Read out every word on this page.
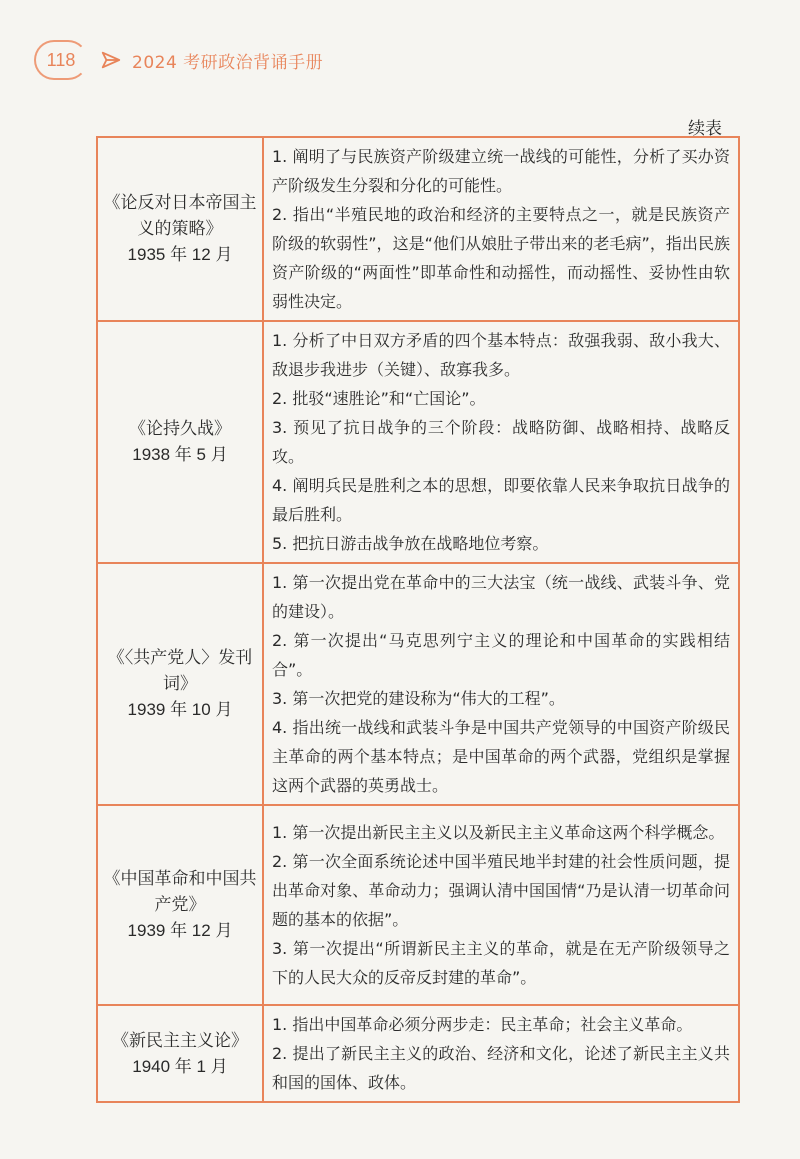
118	2024 考研政治背诵手册
续表
《论反对日本帝国主义的策略》
1935 年 12 月	1. 阐明了与民族资产阶级建立统一战线的可能性，分析了买办资产阶级发生分裂和分化的可能性。
2. 指出“半殖民地的政治和经济的主要特点之一，就是民族资产阶级的软弱性”，这是“他们从娘肚子带出来的老毛病”，指出民族资产阶级的“两面性”即革命性和动摇性，而动摇性、妥协性由软弱性决定。

《论持久战》
1938 年 5 月	1. 分析了中日双方矛盾的四个基本特点：敌强我弱、敌小我大、敌退步我进步（关键）、敌寡我多。
2. 批驳“速胜论”和“亡国论”。
3. 预见了抗日战争的三个阶段：战略防御、战略相持、战略反攻。
4. 阐明兵民是胜利之本的思想，即要依靠人民来争取抗日战争的最后胜利。
5. 把抗日游击战争放在战略地位考察。

《〈共产党人〉发刊词》
1939 年 10 月	1. 第一次提出党在革命中的三大法宝（统一战线、武装斗争、党的建设）。
2. 第一次提出“马克思列宁主义的理论和中国革命的实践相结合”。
3. 第一次把党的建设称为“伟大的工程”。
4. 指出统一战线和武装斗争是中国共产党领导的中国资产阶级民主革命的两个基本特点；是中国革命的两个武器，党组织是掌握这两个武器的英勇战士。

《中国革命和中国共产党》
1939 年 12 月	1. 第一次提出新民主主义以及新民主主义革命这两个科学概念。
2. 第一次全面系统论述中国半殖民地半封建的社会性质问题，提出革命对象、革命动力；强调认清中国国情“乃是认清一切革命问题的基本的依据”。
3. 第一次提出“所谓新民主主义的革命，就是在无产阶级领导之下的人民大众的反帝反封建的革命”。

《新民主主义论》
1940 年 1 月	1. 指出中国革命必须分两步走：民主革命；社会主义革命。
2. 提出了新民主主义的政治、经济和文化，论述了新民主主义共和国的国体、政体。
